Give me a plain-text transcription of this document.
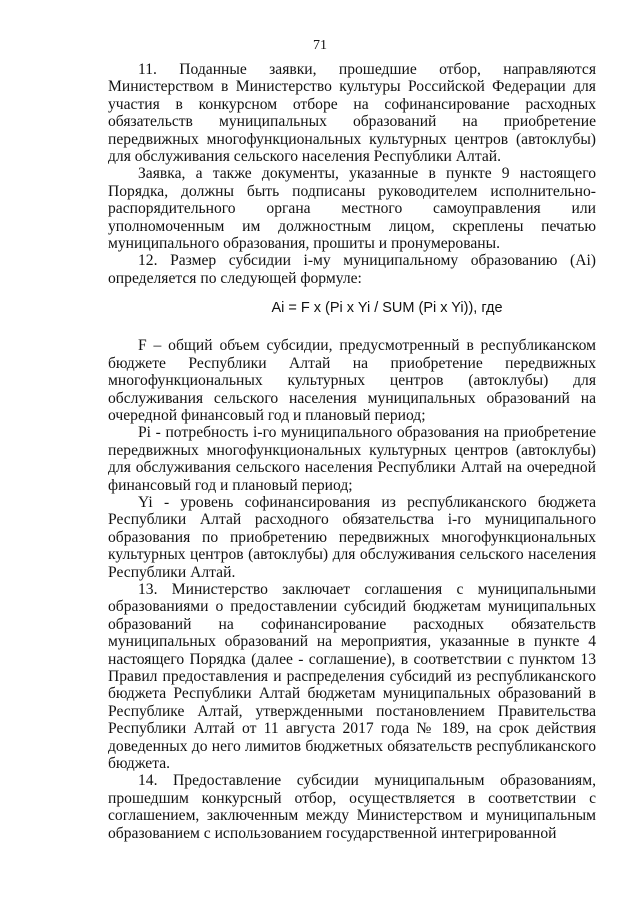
71

11. Поданные заявки, прошедшие отбор, направляются Министерством в Министерство культуры Российской Федерации для участия в конкурсном отборе на софинансирование расходных обязательств муниципальных образований на приобретение передвижных многофункциональных культурных центров (автоклубы) для обслуживания сельского населения Республики Алтай.

Заявка, а также документы, указанные в пункте 9 настоящего Порядка, должны быть подписаны руководителем исполнительно-распорядительного органа местного самоуправления или уполномоченным им должностным лицом, скреплены печатью муниципального образования, прошиты и пронумерованы.

12. Размер субсидии i-му муниципальному образованию (Ai) определяется по следующей формуле:

Ai = F x (Pi x Yi / SUM (Pi x Yi)), где

F – общий объем субсидии, предусмотренный в республиканском бюджете Республики Алтай на приобретение передвижных многофункциональных культурных центров (автоклубы) для обслуживания сельского населения муниципальных образований на очередной финансовый год и плановый период;

Pi - потребность i-го муниципального образования на приобретение передвижных многофункциональных культурных центров (автоклубы) для обслуживания сельского населения Республики Алтай на очередной финансовый год и плановый период;

Yi - уровень софинансирования из республиканского бюджета Республики Алтай расходного обязательства i-го муниципального образования по приобретению передвижных многофункциональных культурных центров (автоклубы) для обслуживания сельского населения Республики Алтай.

13. Министерство заключает соглашения с муниципальными образованиями о предоставлении субсидий бюджетам муниципальных образований на софинансирование расходных обязательств муниципальных образований на мероприятия, указанные в пункте 4 настоящего Порядка (далее - соглашение), в соответствии с пунктом 13 Правил предоставления и распределения субсидий из республиканского бюджета Республики Алтай бюджетам муниципальных образований в Республике Алтай, утвержденными постановлением Правительства Республики Алтай от 11 августа 2017 года № 189, на срок действия доведенных до него лимитов бюджетных обязательств республиканского бюджета.

14. Предоставление субсидии муниципальным образованиям, прошедшим конкурсный отбор, осуществляется в соответствии с соглашением, заключенным между Министерством и муниципальным образованием с использованием государственной интегрированной
